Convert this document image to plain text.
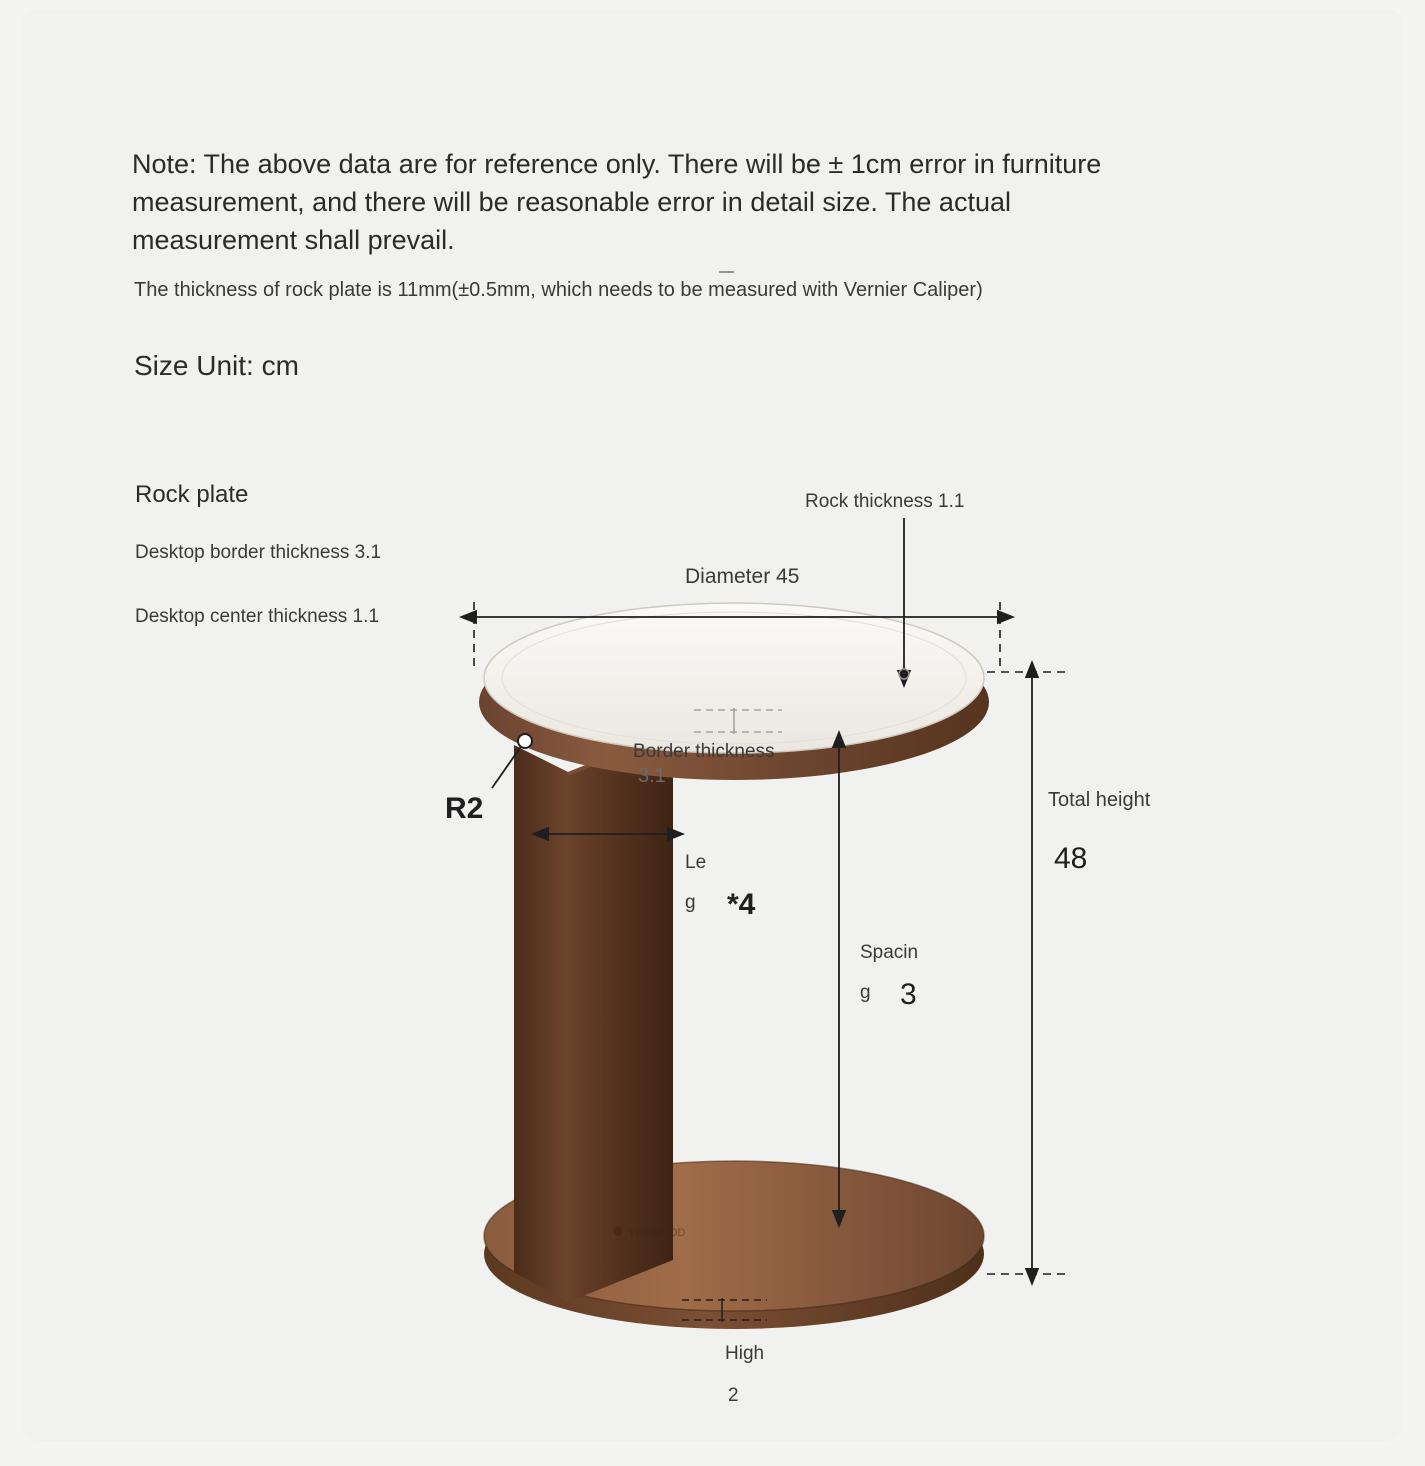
Note: The above data are for reference only. There will be ± 1cm error in furniture measurement, and there will be reasonable error in detail size. The actual measurement shall prevail.
The thickness of rock plate is 11mm(±0.5mm, which needs to be measured with Vernier Caliper)
Size Unit: cm
Rock plate
Desktop border thickness 3.1
Desktop center thickness 1.1
YESWOOD
Rock thickness 1.1
Diameter 45
Border thickness
3.1
Le
g *4
Spacin
g 3
Total height
48
R2
High
2
